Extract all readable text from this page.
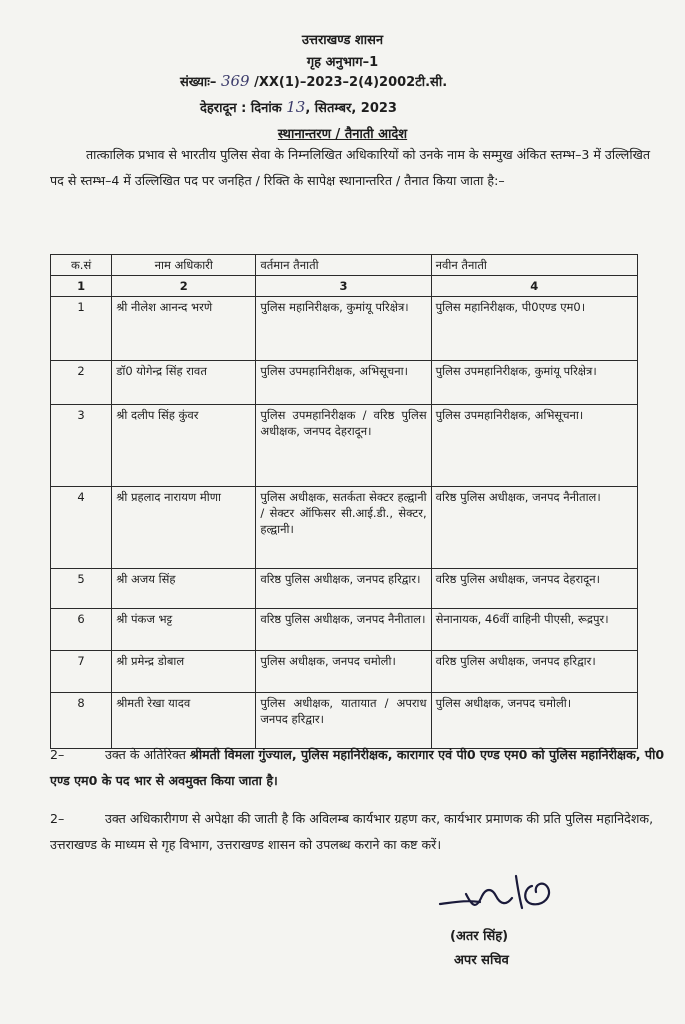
उत्तराखण्ड शासन
गृह अनुभाग–1
संख्याः– 369 /XX(1)–2023–2(4)2002टी.सी.
देहरादून : दिनांक 13, सितम्बर, 2023
स्थानान्तरण / तैनाती आदेश
तात्कालिक प्रभाव से भारतीय पुलिस सेवा के निम्नलिखित अधिकारियों को उनके नाम के सम्मुख अंकित स्तम्भ–3 में उल्लिखित पद से स्तम्भ–4 में उल्लिखित पद पर जनहित / रिक्ति के सापेक्ष स्थानान्तरित / तैनात किया जाता है:–
क.सं	नाम अधिकारी	वर्तमान तैनाती	नवीन तैनाती
1	2	3	4
1	श्री नीलेश आनन्द भरणे	पुलिस महानिरीक्षक, कुमांयू परिक्षेत्र।	पुलिस महानिरीक्षक, पी0एण्ड एम0।
2	डॉ0 योगेन्द्र सिंह रावत	पुलिस उपमहानिरीक्षक, अभिसूचना।	पुलिस उपमहानिरीक्षक, कुमांयू परिक्षेत्र।
3	श्री दलीप सिंह कुंवर	पुलिस उपमहानिरीक्षक / वरिष्ठ पुलिस अधीक्षक, जनपद देहरादून।	पुलिस उपमहानिरीक्षक, अभिसूचना।
4	श्री प्रहलाद नारायण मीणा	पुलिस अधीक्षक, सतर्कता सेक्टर हल्द्वानी / सेक्टर ऑफिसर सी.आई.डी., सेक्टर, हल्द्वानी।	वरिष्ठ पुलिस अधीक्षक, जनपद नैनीताल।
5	श्री अजय सिंह	वरिष्ठ पुलिस अधीक्षक, जनपद हरिद्वार।	वरिष्ठ पुलिस अधीक्षक, जनपद देहरादून।
6	श्री पंकज भट्ट	वरिष्ठ पुलिस अधीक्षक, जनपद नैनीताल।	सेनानायक, 46वीं वाहिनी पीएसी, रूद्रपुर।
7	श्री प्रमेन्द्र डोबाल	पुलिस अधीक्षक, जनपद चमोली।	वरिष्ठ पुलिस अधीक्षक, जनपद हरिद्वार।
8	श्रीमती रेखा यादव	पुलिस अधीक्षक, यातायात / अपराध जनपद हरिद्वार।	पुलिस अधीक्षक, जनपद चमोली।
2–	उक्त के अतिरिक्त श्रीमती विमला गुंज्याल, पुलिस महानिरीक्षक, कारागार एवं पी0 एण्ड एम0 को पुलिस महानिरीक्षक, पी0 एण्ड एम0 के पद भार से अवमुक्त किया जाता है।
2–	उक्त अधिकारीगण से अपेक्षा की जाती है कि अविलम्ब कार्यभार ग्रहण कर, कार्यभार प्रमाणक की प्रति पुलिस महानिदेशक, उत्तराखण्ड के माध्यम से गृह विभाग, उत्तराखण्ड शासन को उपलब्ध कराने का कष्ट करें।
(अतर सिंह)
अपर सचिव
